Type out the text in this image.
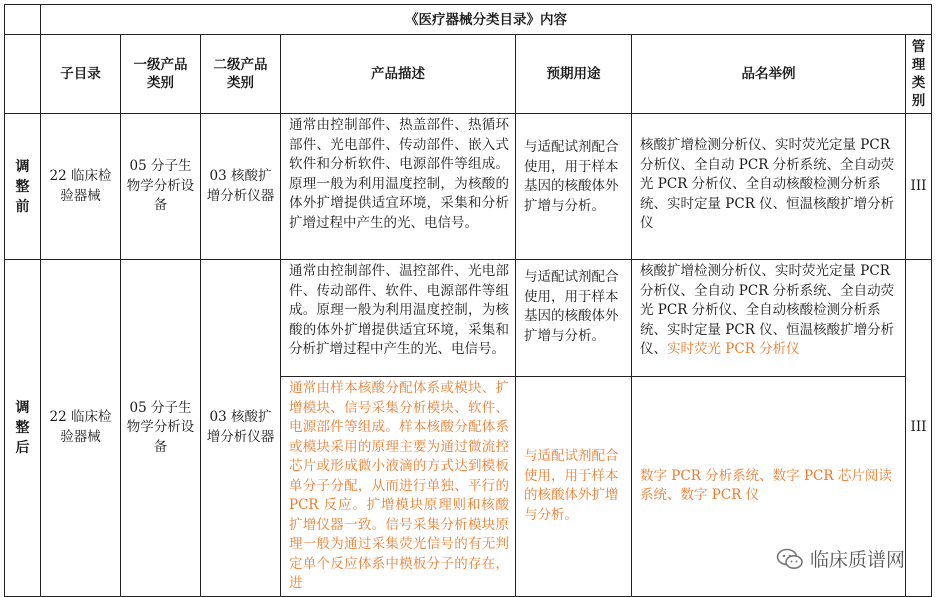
	《医疗器械分类目录》内容						
	子目录	一级产品类别	二级产品类别	产品描述	预期用途	品名举例	管理类别
调整前	22 临床检验器械	05 分子生物学分析设备	03 核酸扩增分析仪器	通常由控制部件、热盖部件、热循环部件、光电部件、传动部件、嵌入式软件和分析软件、电源部件等组成。原理一般为利用温度控制，为核酸的体外扩增提供适宜环境，采集和分析扩增过程中产生的光、电信号。	与适配试剂配合使用，用于样本基因的核酸体外扩增与分析。	核酸扩增检测分析仪、实时荧光定量 PCR 分析仪、全自动 PCR 分析系统、全自动荧光 PCR 分析仪、全自动核酸检测分析系统、实时定量 PCR 仪、恒温核酸扩增分析仪	III
调整后	22 临床检验器械	05 分子生物学分析设备	03 核酸扩增分析仪器	通常由控制部件、温控部件、光电部件、传动部件、软件、电源部件等组成。原理一般为利用温度控制，为核酸的体外扩增提供适宜环境，采集和分析扩增过程中产生的光、电信号。	与适配试剂配合使用，用于样本基因的核酸体外扩增与分析。	核酸扩增检测分析仪、实时荧光定量 PCR 分析仪、全自动 PCR 分析系统、全自动荧光 PCR 分析仪、全自动核酸检测分析系统、实时定量 PCR 仪、恒温核酸扩增分析仪、实时荧光 PCR 分析仪	III
				通常由样本核酸分配体系或模块、扩增模块、信号采集分析模块、软件、电源部件等组成。样本核酸分配体系或模块采用的原理主要为通过微流控芯片或形成微小液滴的方式达到模板单分子分配，从而进行单独、平行的 PCR 反应。扩增模块原理则和核酸扩增仪器一致。信号采集分析模块原理一般为通过采集荧光信号的有无判定单个反应体系中模板分子的存在，进	与适配试剂配合使用，用于样本的核酸体外扩增与分析。	数字 PCR 分析系统、数字 PCR 芯片阅读系统、数字 PCR 仪	
临床质谱网
